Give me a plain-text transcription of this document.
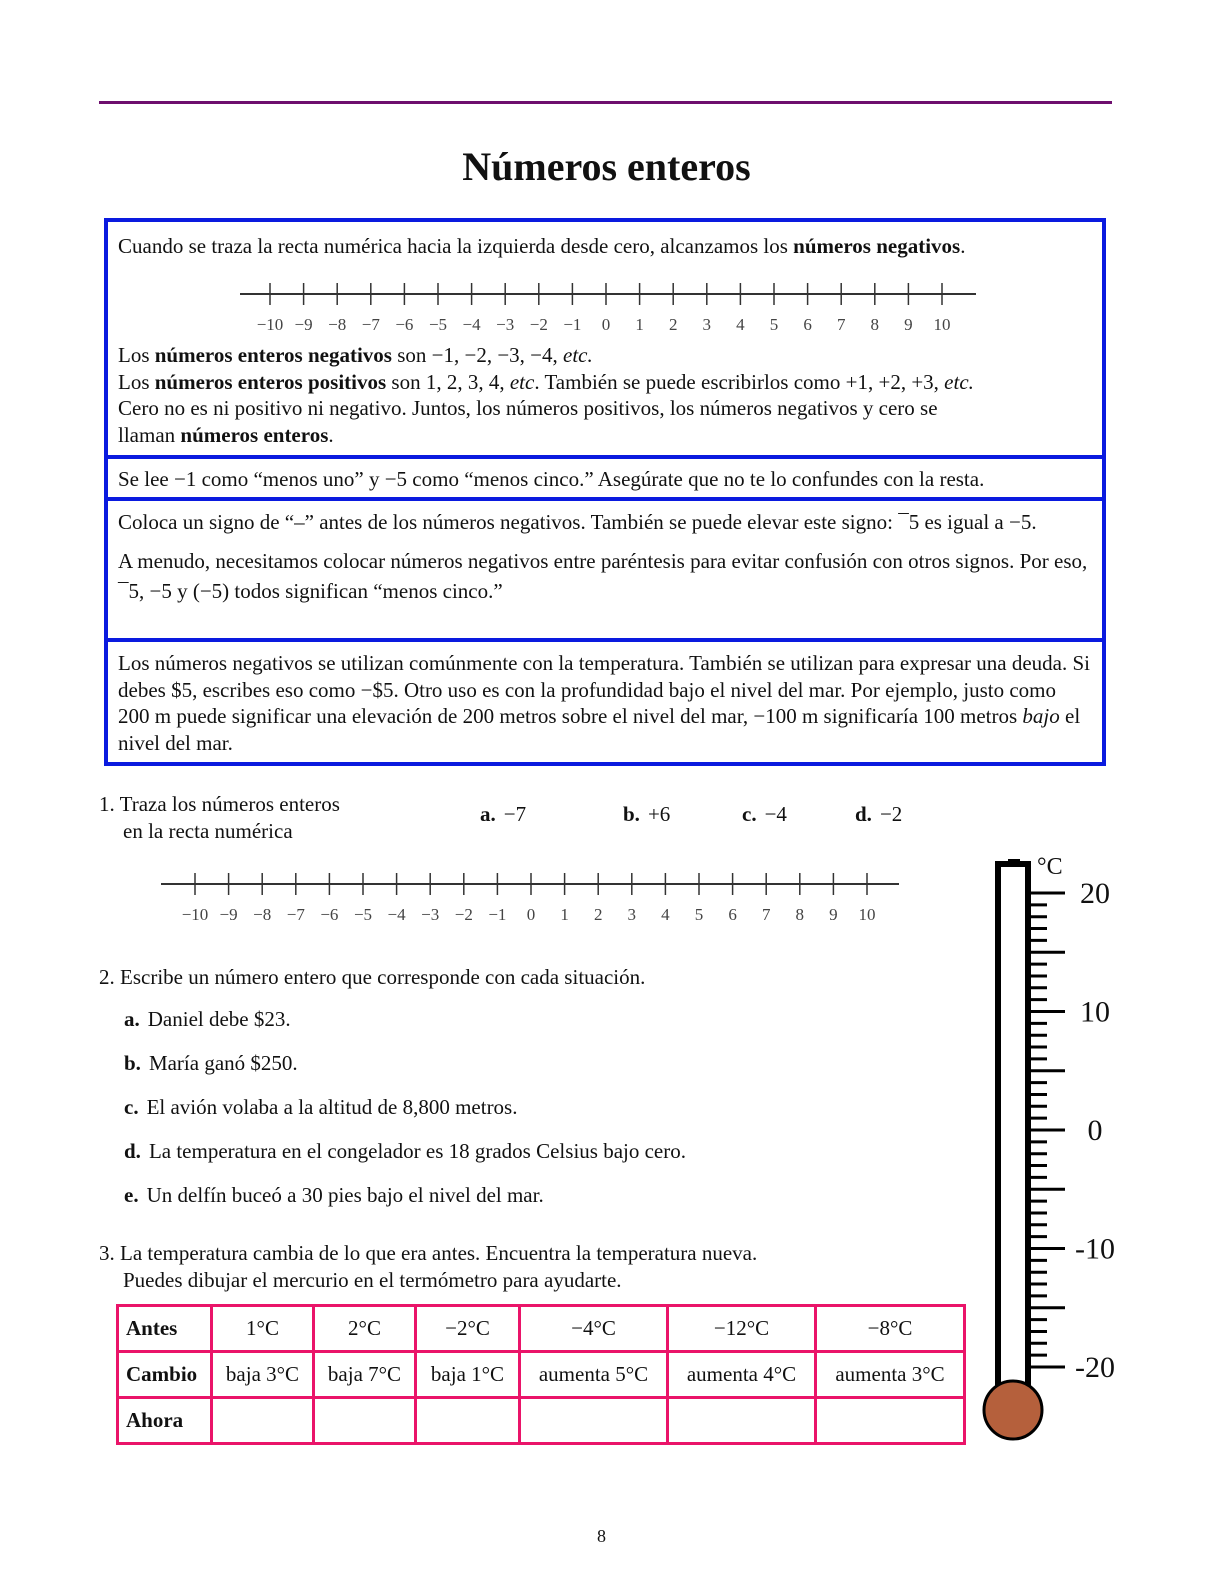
Números enteros
Cuando se traza la recta numérica hacia la izquierda desde cero, alcanzamos los números negativos.
−10 −9 −8 −7 −6 −5 −4 −3 −2 −1 0 1 2 3 4 5 6 7 8 9 10
Los números enteros negativos son −1, −2, −3, −4, etc.
Los números enteros positivos son 1, 2, 3, 4, etc. También se puede escribirlos como +1, +2, +3, etc.
Cero no es ni positivo ni negativo. Juntos, los números positivos, los números negativos y cero se
llaman números enteros.
Se lee −1 como “menos uno” y −5 como “menos cinco.” Asegúrate que no te lo confundes con la resta.

Coloca un signo de “–” antes de los números negativos. También se puede elevar este signo: ¯5 es igual a −5.

A menudo, necesitamos colocar números negativos entre paréntesis para evitar confusión con otros signos. Por eso, ¯5, −5 y (−5) todos significan “menos cinco.”

Los números negativos se utilizan comúnmente con la temperatura. También se utilizan para expresar una deuda. Si debes $5, escribes eso como −$5. Otro uso es con la profundidad bajo el nivel del mar. Por ejemplo, justo como 200 m puede significar una elevación de 200 metros sobre el nivel del mar, −100 m significaría 100 metros bajo el nivel del mar.
1. Traza los números enteros
en la recta numérica
a. −7	b. +6	c. −4	d. −2
−10 −9 −8 −7 −6 −5 −4 −3 −2 −1 0 1 2 3 4 5 6 7 8 9 10
2. Escribe un número entero que corresponde con cada situación.
a. Daniel debe $23.
b. María ganó $250.
c. El avión volaba a la altitud de 8,800 metros.
d. La temperatura en el congelador es 18 grados Celsius bajo cero.
e. Un delfín buceó a 30 pies bajo el nivel del mar.
3. La temperatura cambia de lo que era antes. Encuentra la temperatura nueva.
Puedes dibujar el mercurio en el termómetro para ayudarte.
Antes	1°C	2°C	−2°C	−4°C	−12°C	−8°C
Cambio	baja 3°C	baja 7°C	baja 1°C	aumenta 5°C	aumenta 4°C	aumenta 3°C
Ahora						
°C
20
10
0
-10
-20
8
